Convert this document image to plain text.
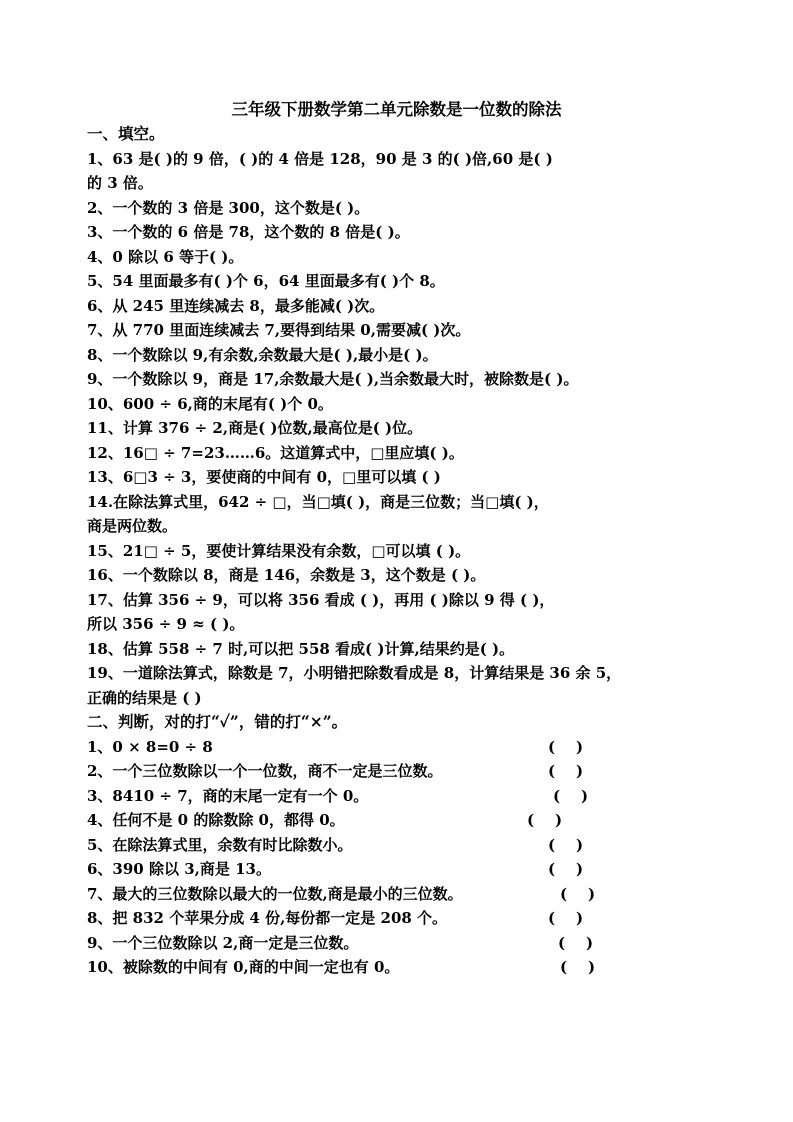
三年级下册数学第二单元除数是一位数的除法
一、填空。
1、63 是( )的 9 倍，( )的 4 倍是 128，90 是 3 的( )倍,60 是( )
的 3 倍。
2、一个数的 3 倍是 300，这个数是( )。
3、一个数的 6 倍是 78，这个数的 8 倍是( )。
4、0 除以 6 等于( )。
5、54 里面最多有( )个 6，64 里面最多有( )个 8。
6、从 245 里连续减去 8，最多能减( )次。
7、从 770 里面连续减去 7,要得到结果 0,需要减( )次。
8、一个数除以 9,有余数,余数最大是( ),最小是( )。
9、一个数除以 9，商是 17,余数最大是( ),当余数最大时，被除数是( )。
10、600 ÷ 6,商的末尾有( )个 0。
11、计算 376 ÷ 2,商是( )位数,最高位是( )位。
12、16□ ÷ 7=23……6。这道算式中，□里应填( )。
13、6□3 ÷ 3，要使商的中间有 0，□里可以填 ( )
14.在除法算式里，642 ÷ □，当□填( )，商是三位数；当□填( )，
商是两位数。
15、21□ ÷ 5，要使计算结果没有余数，□可以填 ( )。
16、一个数除以 8，商是 146，余数是 3，这个数是 ( )。
17、估算 356 ÷ 9，可以将 356 看成 ( )，再用 ( )除以 9 得 ( )，
所以 356 ÷ 9 ≈ ( )。
18、估算 558 ÷ 7 时,可以把 558 看成( )计算,结果约是( )。
19、一道除法算式，除数是 7，小明错把除数看成是 8，计算结果是 36 余 5，
正确的结果是 ( )
二、判断，对的打“✓”，错的打“×”。
1、0 × 8=0 ÷ 8	(    )
2、一个三位数除以一个一位数，商不一定是三位数。	(    )
3、8410 ÷ 7，商的末尾一定有一个 0。	(    )
4、任何不是 0 的除数除 0，都得 0。	(    )
5、在除法算式里，余数有时比除数小。	(    )
6、390 除以 3,商是 13。	(    )
7、最大的三位数除以最大的一位数,商是最小的三位数。	(    )
8、把 832 个苹果分成 4 份,每份都一定是 208 个。	(    )
9、一个三位数除以 2,商一定是三位数。	(    )
10、被除数的中间有 0,商的中间一定也有 0。	(    )
